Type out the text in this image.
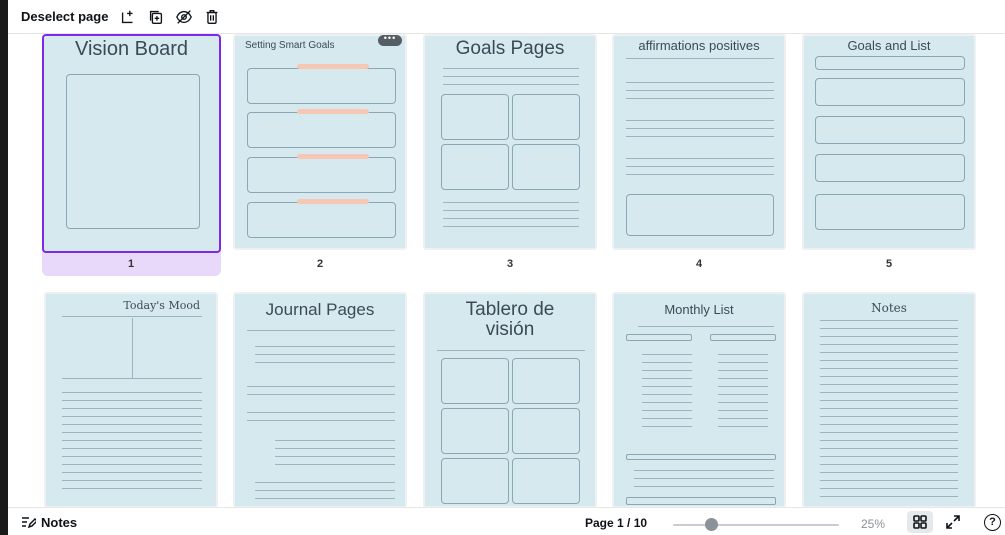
Deselect page
Vision Board
1
Setting Smart Goals
•••
2
Goals Pages
3
affirmations positives
4
Goals and List
5
Today's Mood	Journal Pages	Tablero de visión
Monthly List	Notes
Notes	Page 1 / 10	25%	?
